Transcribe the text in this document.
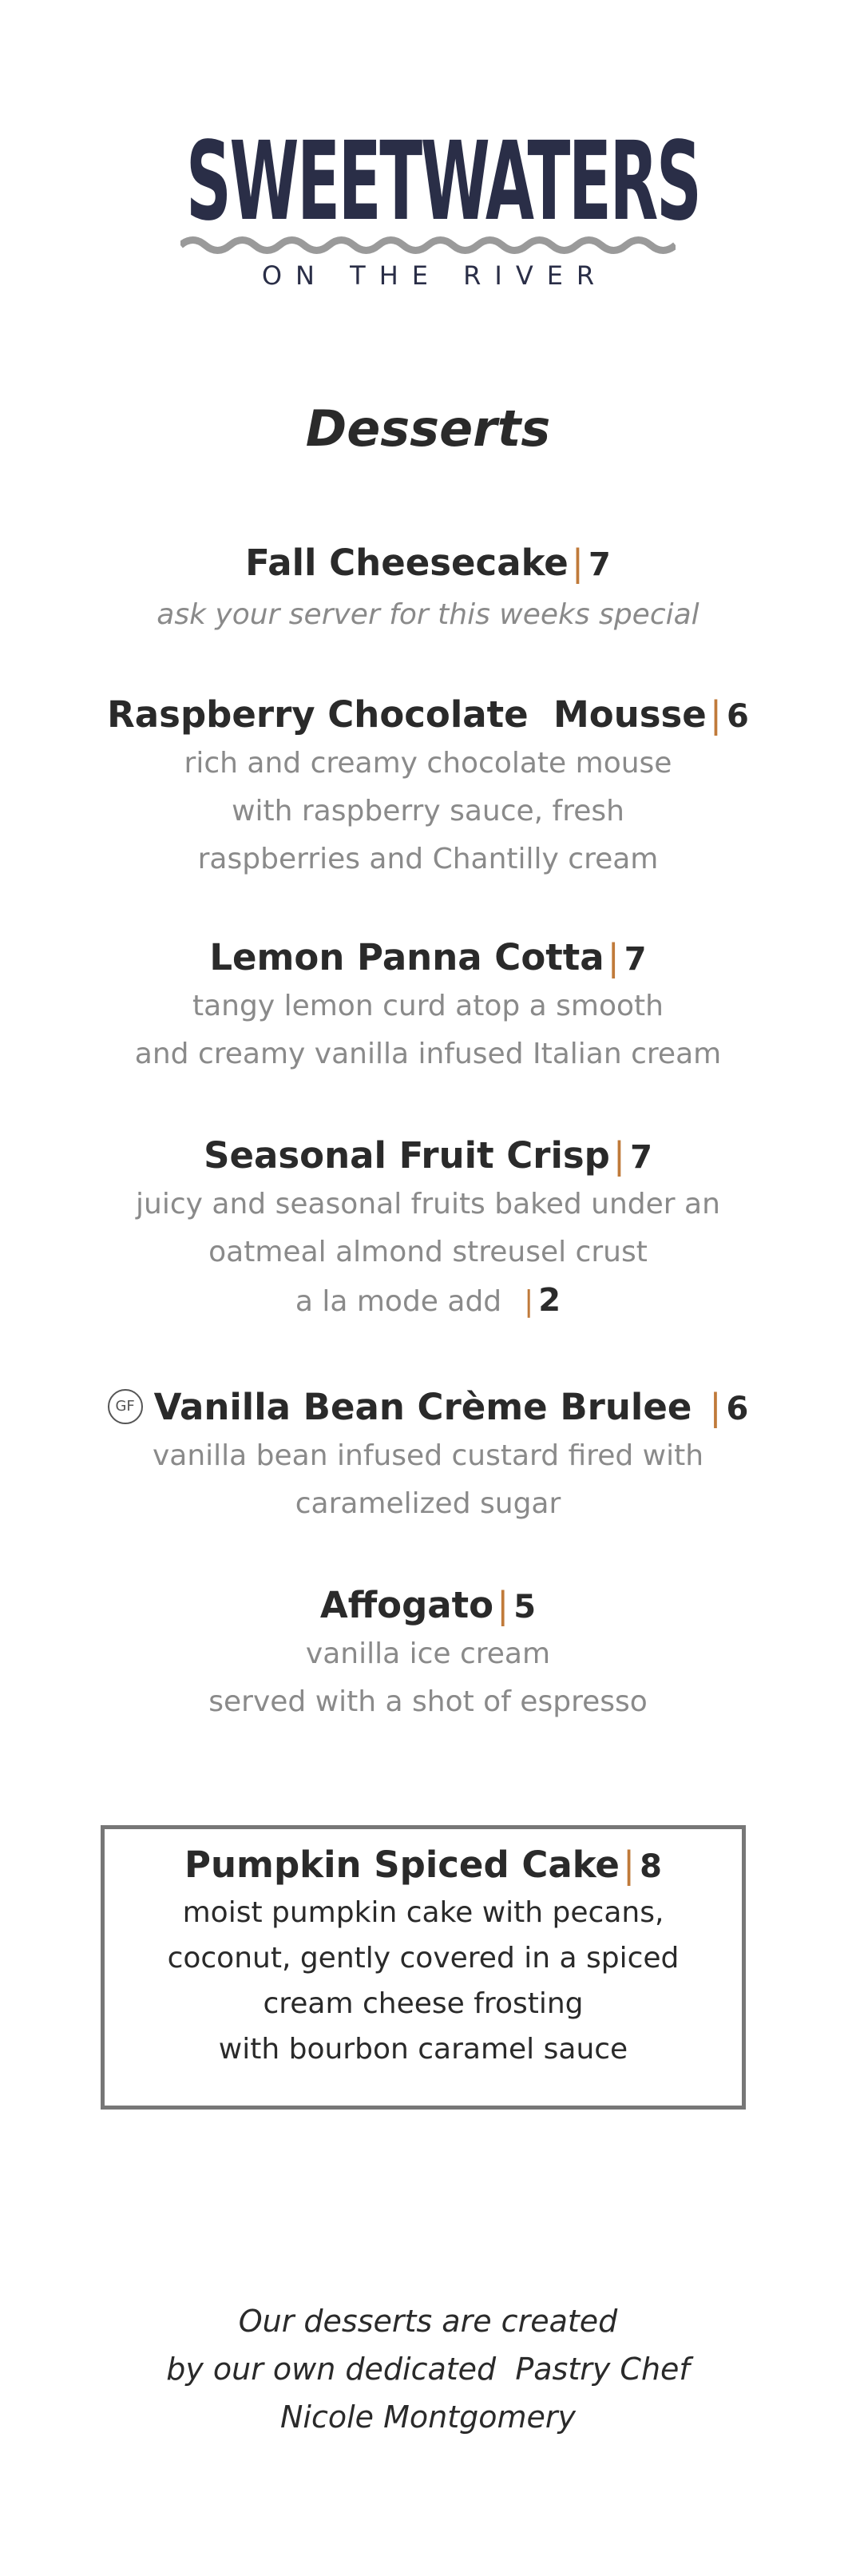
SWEETWATERS
ON THE RIVER
Desserts
Fall Cheesecake| 7
ask your server for this weeks special
Raspberry Chocolate  Mousse| 6
rich and creamy chocolate mouse
with raspberry sauce, fresh
raspberries and Chantilly cream
Lemon Panna Cotta| 7
tangy lemon curd atop a smooth
and creamy vanilla infused Italian cream
Seasonal Fruit Crisp| 7
juicy and seasonal fruits baked under an
oatmeal almond streusel crust
a la mode add | 2
GF Vanilla Bean Crème Brulee | 6
vanilla bean infused custard fired with
caramelized sugar
Affogato| 5
vanilla ice cream
served with a shot of espresso
Pumpkin Spiced Cake| 8
moist pumpkin cake with pecans,
coconut, gently covered in a spiced
cream cheese frosting
with bourbon caramel sauce
Our desserts are created
by our own dedicated  Pastry Chef
Nicole Montgomery
